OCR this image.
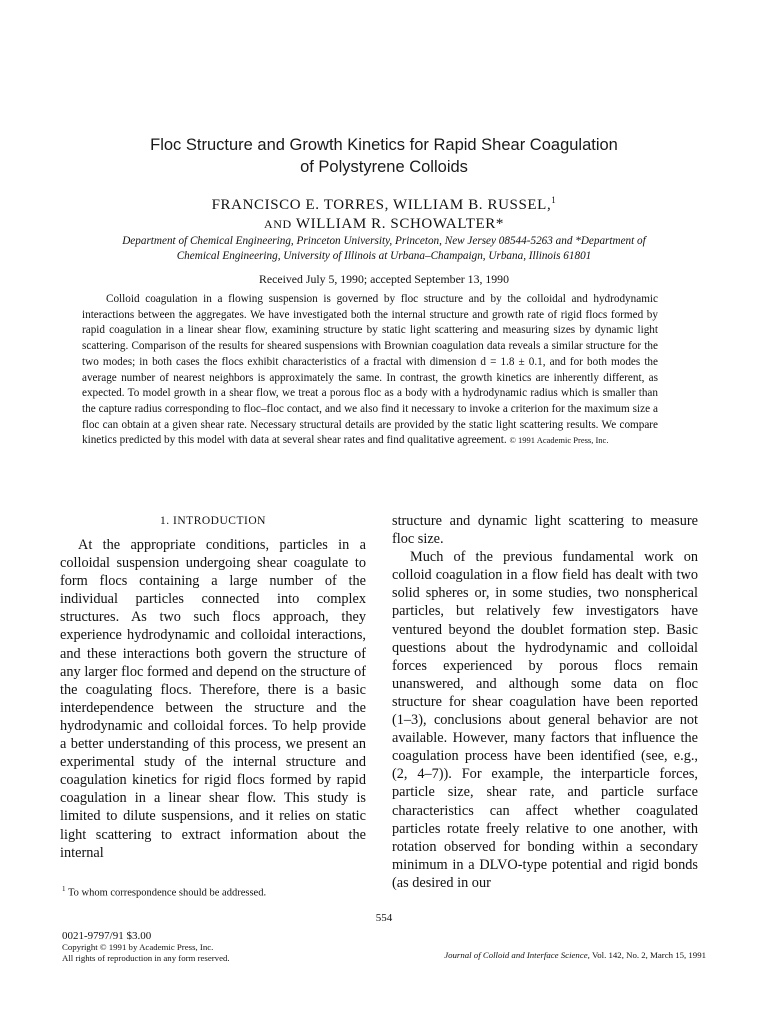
Floc Structure and Growth Kinetics for Rapid Shear Coagulation
of Polystyrene Colloids
FRANCISCO E. TORRES, WILLIAM B. RUSSEL,$^1$
AND WILLIAM R. SCHOWALTER*
Department of Chemical Engineering, Princeton University, Princeton, New Jersey 08544-5263 and *Department of
Chemical Engineering, University of Illinois at Urbana–Champaign, Urbana, Illinois 61801
Received July 5, 1990; accepted September 13, 1990
Colloid coagulation in a flowing suspension is governed by floc structure and by the colloidal and hydrodynamic interactions between the aggregates. We have investigated both the internal structure and growth rate of rigid flocs formed by rapid coagulation in a linear shear flow, examining structure by static light scattering and measuring sizes by dynamic light scattering. Comparison of the results for sheared suspensions with Brownian coagulation data reveals a similar structure for the two modes; in both cases the flocs exhibit characteristics of a fractal with dimension d = 1.8 ± 0.1, and for both modes the average number of nearest neighbors is approximately the same. In contrast, the growth kinetics are inherently different, as expected. To model growth in a shear flow, we treat a porous floc as a body with a hydrodynamic radius which is smaller than the capture radius corresponding to floc–floc contact, and we also find it necessary to invoke a criterion for the maximum size a floc can obtain at a given shear rate. Necessary structural details are provided by the static light scattering results. We compare kinetics predicted by this model with data at several shear rates and find qualitative agreement. © 1991 Academic Press, Inc.
1. INTRODUCTION

At the appropriate conditions, particles in a colloidal suspension undergoing shear coagulate to form flocs containing a large number of the individual particles connected into complex structures. As two such flocs approach, they experience hydrodynamic and colloidal interactions, and these interactions both govern the structure of any larger floc formed and depend on the structure of the coagulating flocs. Therefore, there is a basic interdependence between the structure and the hydrodynamic and colloidal forces. To help provide a better understanding of this process, we present an experimental study of the internal structure and coagulation kinetics for rigid flocs formed by rapid coagulation in a linear shear flow. This study is limited to dilute suspensions, and it relies on static light scattering to extract information about the internal

structure and dynamic light scattering to measure floc size.

Much of the previous fundamental work on colloid coagulation in a flow field has dealt with two solid spheres or, in some studies, two nonspherical particles, but relatively few investigators have ventured beyond the doublet formation step. Basic questions about the hydrodynamic and colloidal forces experienced by porous flocs remain unanswered, and although some data on floc structure for shear coagulation have been reported (1–3), conclusions about general behavior are not available. However, many factors that influence the coagulation process have been identified (see, e.g., (2, 4–7)). For example, the interparticle forces, particle size, shear rate, and particle surface characteristics can affect whether coagulated particles rotate freely relative to one another, with rotation observed for bonding within a secondary minimum in a DLVO-type potential and rigid bonds (as desired in our

$^1$ To whom correspondence should be addressed.
554
0021-9797/91 $3.00
Copyright © 1991 by Academic Press, Inc.
All rights of reproduction in any form reserved.	Journal of Colloid and Interface Science, Vol. 142, No. 2, March 15, 1991
